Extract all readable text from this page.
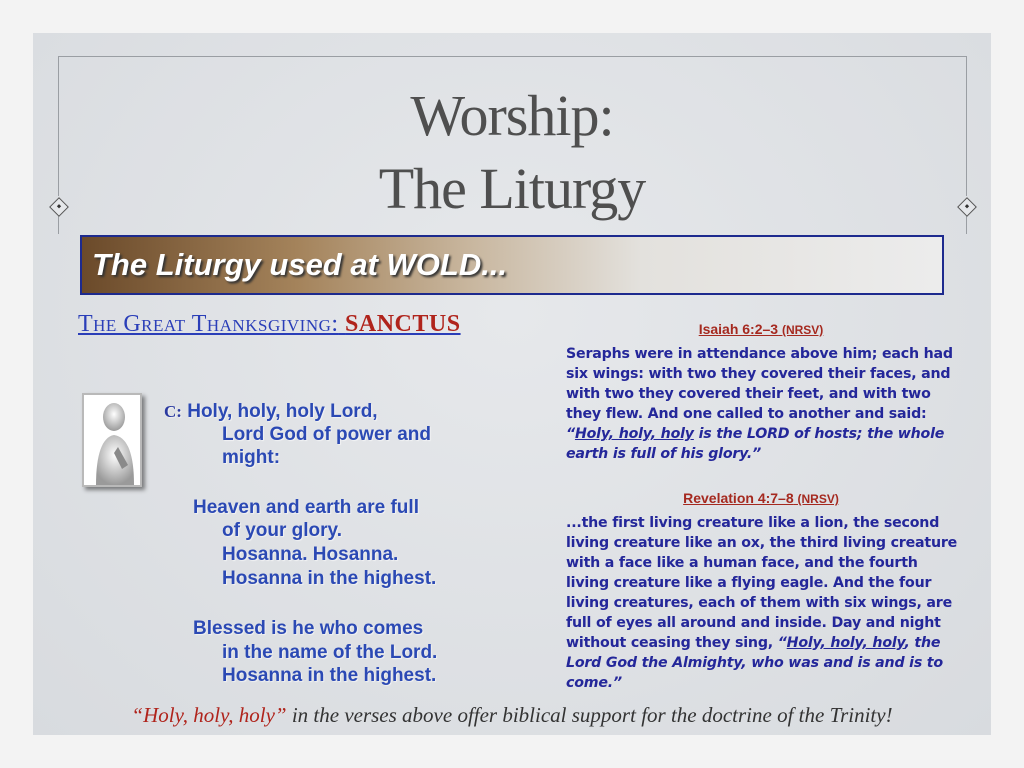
Worship:
The Liturgy
The Liturgy used at WOLD...
The Great Thanksgiving: SANCTUS
C: Holy, holy, holy Lord,
Lord God of power and
might:
Heaven and earth are full
of your glory.
Hosanna. Hosanna.
Hosanna in the highest.
Blessed is he who comes
in the name of the Lord.
Hosanna in the highest.
Isaiah 6:2–3 (NRSV)
Seraphs were in attendance above him; each had six wings: with two they covered their faces, and with two they covered their feet, and with two they flew. And one called to another and said: “Holy, holy, holy is the LORD of hosts; the whole earth is full of his glory.”
Revelation 4:7–8 (NRSV)
...the first living creature like a lion, the second living creature like an ox, the third living creature with a face like a human face, and the fourth living creature like a flying eagle. And the four living creatures, each of them with six wings, are full of eyes all around and inside. Day and night without ceasing they sing, “Holy, holy, holy, the Lord God the Almighty, who was and is and is to come.”
“Holy, holy, holy” in the verses above offer biblical support for the doctrine of the Trinity!
